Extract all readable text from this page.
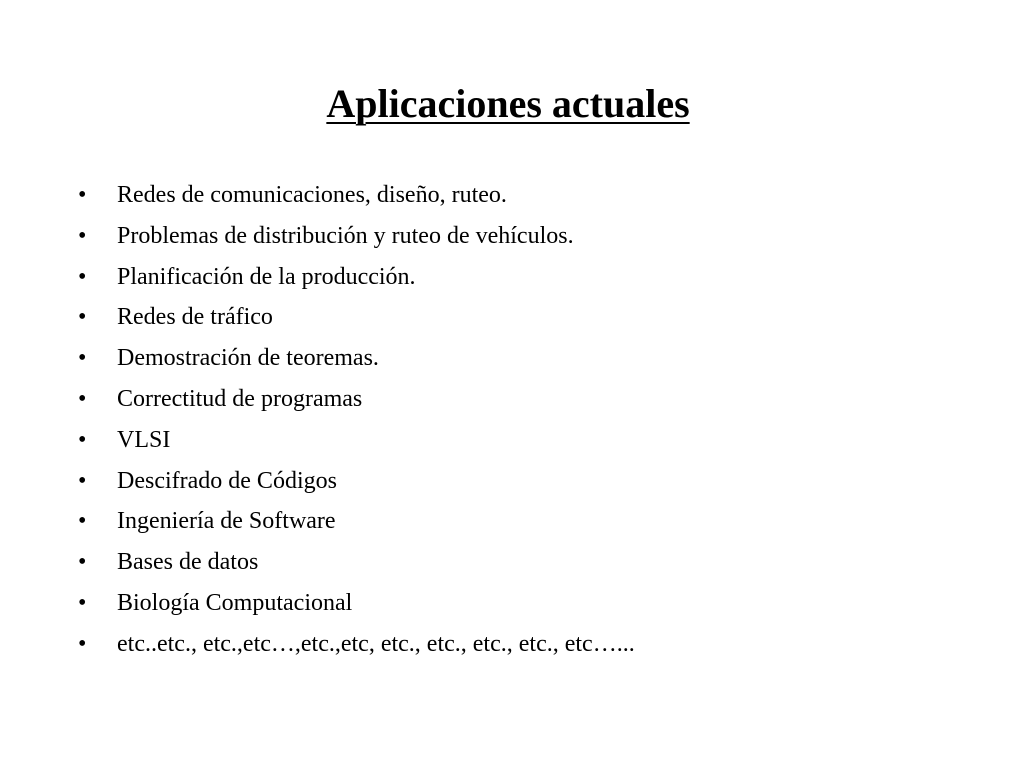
Aplicaciones actuales
•	Redes de comunicaciones, diseño, ruteo.
•	Problemas de distribución y ruteo de vehículos.
•	Planificación de la producción.
•	Redes de tráfico
•	Demostración de teoremas.
•	Correctitud de programas
•	VLSI
•	Descifrado de Códigos
•	Ingeniería de Software
•	Bases de datos
•	Biología Computacional
•	etc..etc., etc.,etc…,etc.,etc, etc., etc., etc., etc., etc…...
